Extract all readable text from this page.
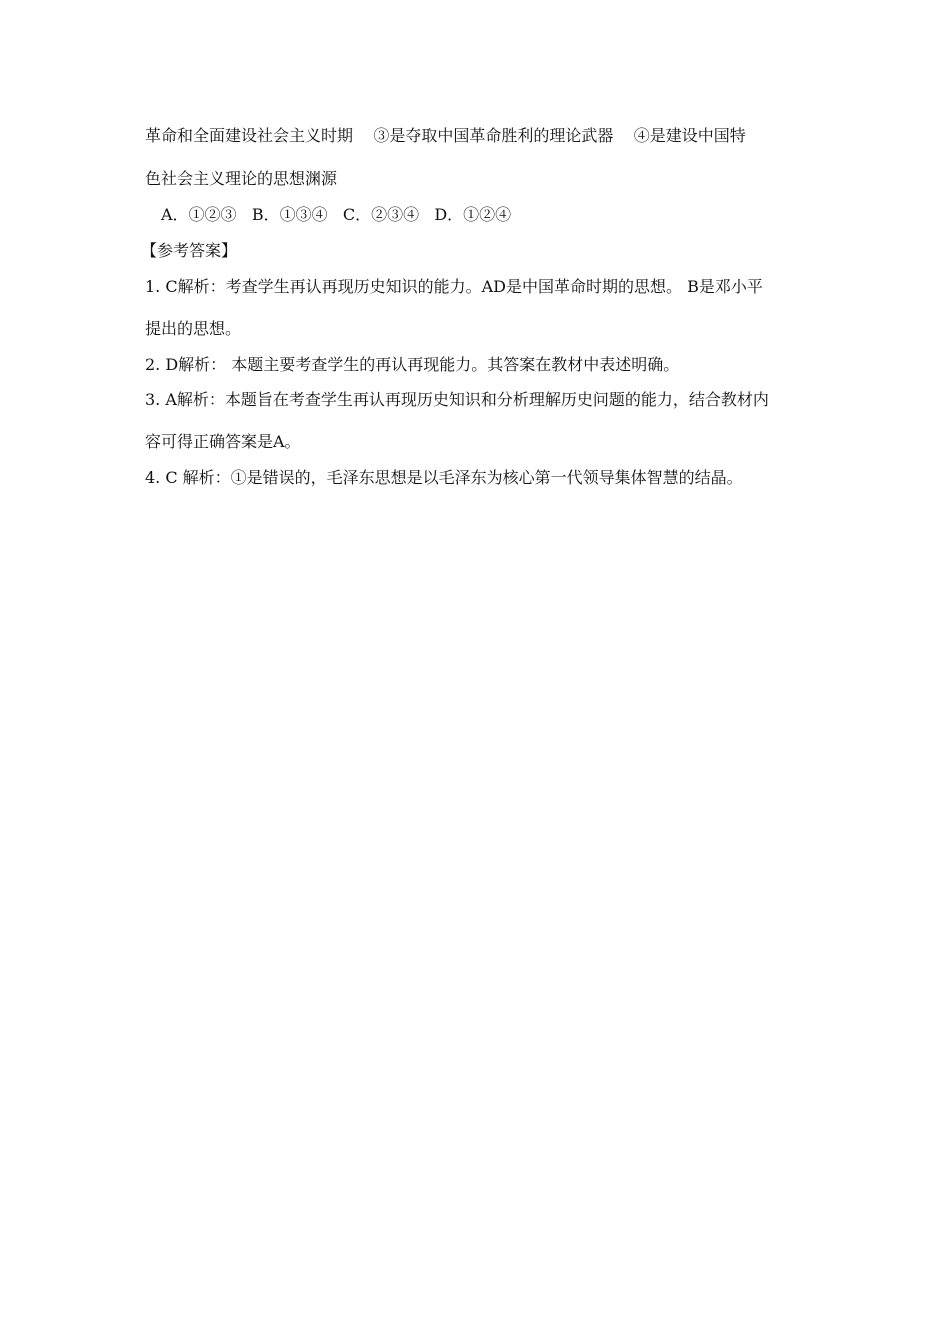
革命和全面建设社会主义时期    ③是夺取中国革命胜利的理论武器    ④是建设中国特
色社会主义理论的思想渊源
A．①②③   B．①③④   C．②③④   D．①②④
【参考答案】
1. C解析：考查学生再认再现历史知识的能力。AD是中国革命时期的思想。 B是邓小平
提出的思想。
2. D解析： 本题主要考查学生的再认再现能力。其答案在教材中表述明确。
3. A解析：本题旨在考查学生再认再现历史知识和分析理解历史问题的能力，结合教材内
容可得正确答案是A。
4. C 解析：①是错误的，毛泽东思想是以毛泽东为核心第一代领导集体智慧的结晶。
